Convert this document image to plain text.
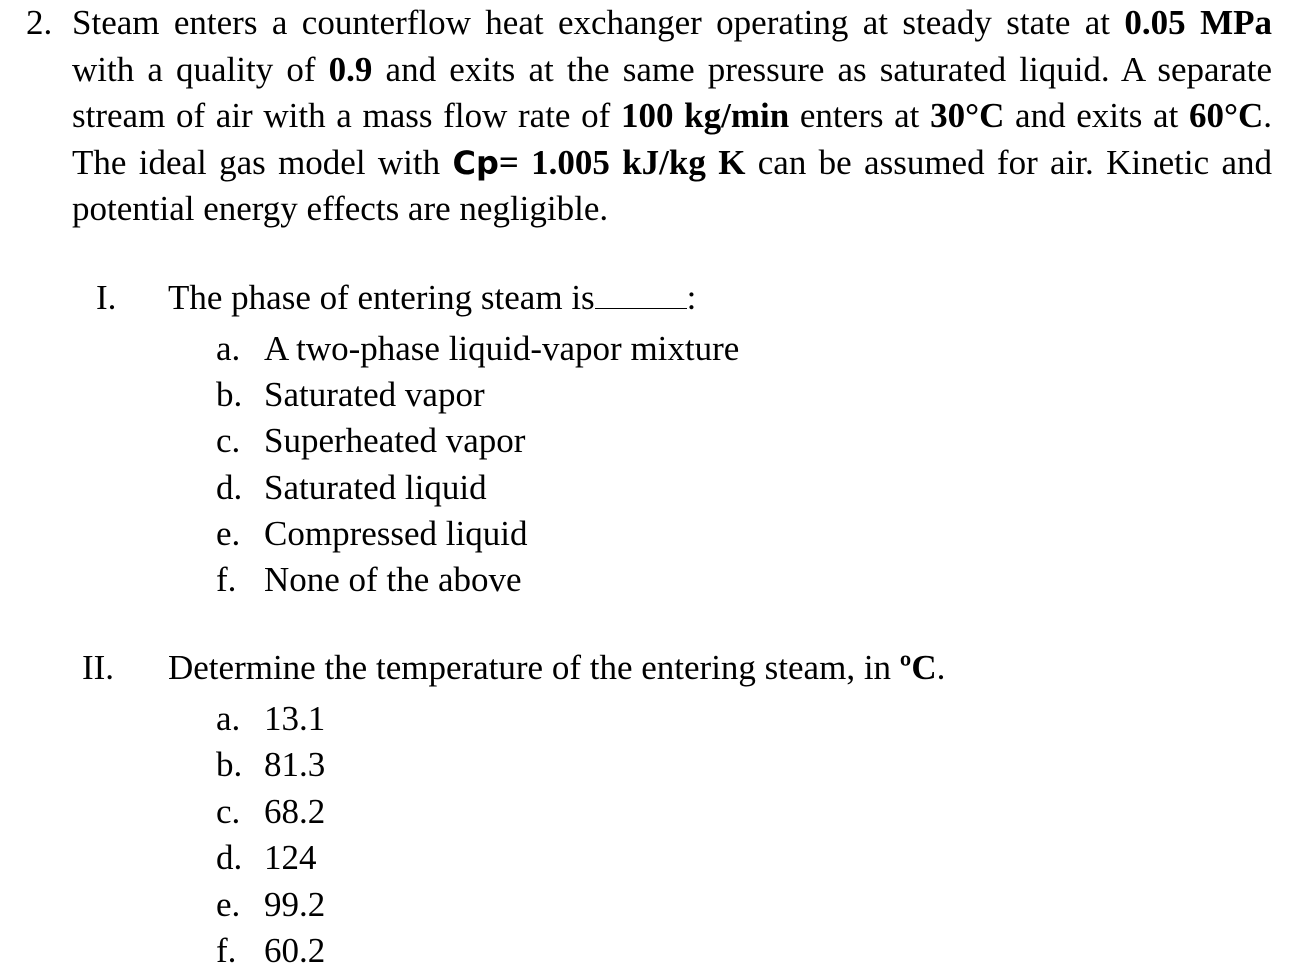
2. Steam enters a counterflow heat exchanger operating at steady state at 0.05 MPa with a quality of 0.9 and exits at the same pressure as saturated liquid. A separate stream of air with a mass flow rate of 100 kg/min enters at 30°C and exits at 60°C. The ideal gas model with Cp= 1.005 kJ/kg K can be assumed for air. Kinetic and potential energy effects are negligible.
I. The phase of entering steam is	:
a. A two-phase liquid-vapor mixture
b. Saturated vapor
c. Superheated vapor
d. Saturated liquid
e. Compressed liquid
f. None of the above
II. Determine the temperature of the entering steam, in ºC.
a. 13.1
b. 81.3
c. 68.2
d. 124
e. 99.2
f. 60.2
